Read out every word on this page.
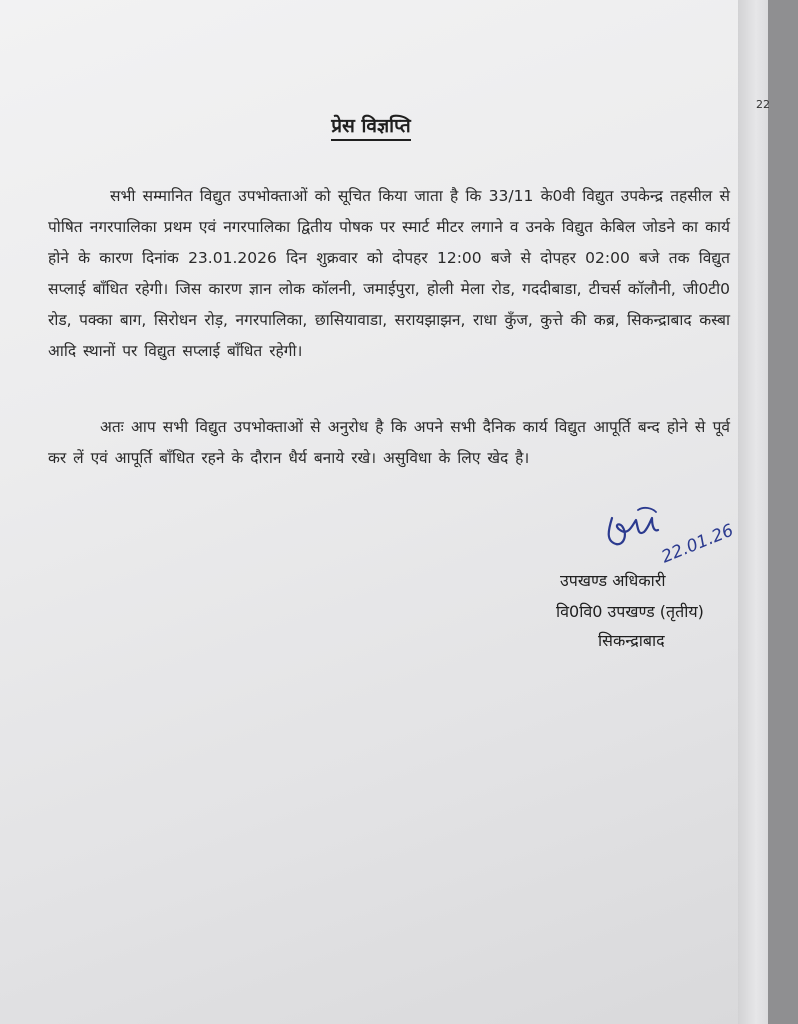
प्रेस विज्ञप्ति

सभी सम्मानित विद्युत उपभोक्ताओं को सूचित किया जाता है कि 33/11 के0वी विद्युत उपकेन्द्र तहसील से पोषित नगरपालिका प्रथम एवं नगरपालिका द्वितीय पोषक पर स्मार्ट मीटर लगाने व उनके विद्युत केबिल जोडने का कार्य होने के कारण दिनांक 23.01.2026 दिन शुक्रवार को दोपहर 12:00 बजे से दोपहर 02:00 बजे तक विद्युत सप्लाई बाँधित रहेगी। जिस कारण ज्ञान लोक कॉलनी, जमाईपुरा, होली मेला रोड, गददीबाडा, टीचर्स कॉलौनी, जी0टी0 रोड, पक्का बाग, सिरोधन रोड़, नगरपालिका, छासियावाडा, सरायझाझन, राधा कुँज, कुत्ते की कब्र, सिकन्द्राबाद कस्बा आदि स्थानों पर विद्युत सप्लाई बाँधित रहेगी।

अतः आप सभी विद्युत उपभोक्ताओं से अनुरोध है कि अपने सभी दैनिक कार्य विद्युत आपूर्ति बन्द होने से पूर्व कर लें एवं आपूर्ति बाँधित रहने के दौरान धैर्य बनाये रखे। असुविधा के लिए खेद है।

22.01.26
उपखण्ड अधिकारी
वि0वि0 उपखण्ड (तृतीय)
सिकन्द्राबाद
22
